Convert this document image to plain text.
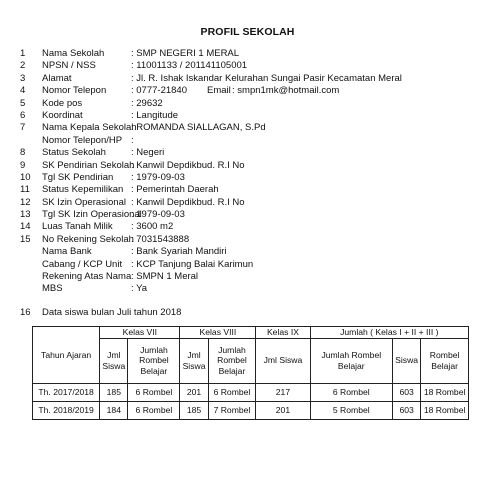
PROFIL SEKOLAH
1 Nama Sekolah	: SMP NEGERI 1 MERAL
2 NPSN / NSS	: 11001133 / 201141105001
3 Alamat	: Jl. R. Ishak Iskandar Kelurahan Sungai Pasir Kecamatan Meral
4 Nomor Telepon	: 0777-21840 Email : smpn1mk@hotmail.com
5 Kode pos	: 29632
6 Koordinat	: Langitude
7 Nama Kepala Sekolah
: ROMANDA SIALLAGAN, S.Pd
Nomor Telepon/HP :
8 Status Sekolah	: Negeri
9 SK Pendirian Sekolah
: Kanwil Depdikbud. R.I No
10 Tgl SK Pendirian : 1979-09-03
11 Status Kepemilikan : Pemerintah Daerah
12 SK Izin Operasional : Kanwil Depdikbud. R.I No
13 Tgl SK Izin Operasional
: 1979-09-03
14 Luas Tanah Milik : 3600 m2
15 No Rekening Sekolah
: 7031543888
Nama Bank	: Bank Syariah Mandiri
Cabang / KCP Unit : KCP Tanjung Balai Karimun
Rekening Atas Nama : SMPN 1 Meral
MBS	: Ya
16 Data siswa bulan Juli tahun 2018
Tahun Ajaran	Kelas VII		Kelas VIII		Kelas IX	Jumlah ( Kelas I + II + III )		
	Jml Siswa	Jumlah Rombel Belajar	Jml Siswa	Jumlah Rombel Belajar	Jml Siswa	Jumlah Rombel Belajar	Siswa	Rombel Belajar
Th. 2017/2018	185	6 Rombel	201	6 Rombel	217	6 Rombel	603	18 Rombel
Th. 2018/2019	184	6 Rombel	185	7 Rombel	201	5 Rombel	603	18 Rombel
